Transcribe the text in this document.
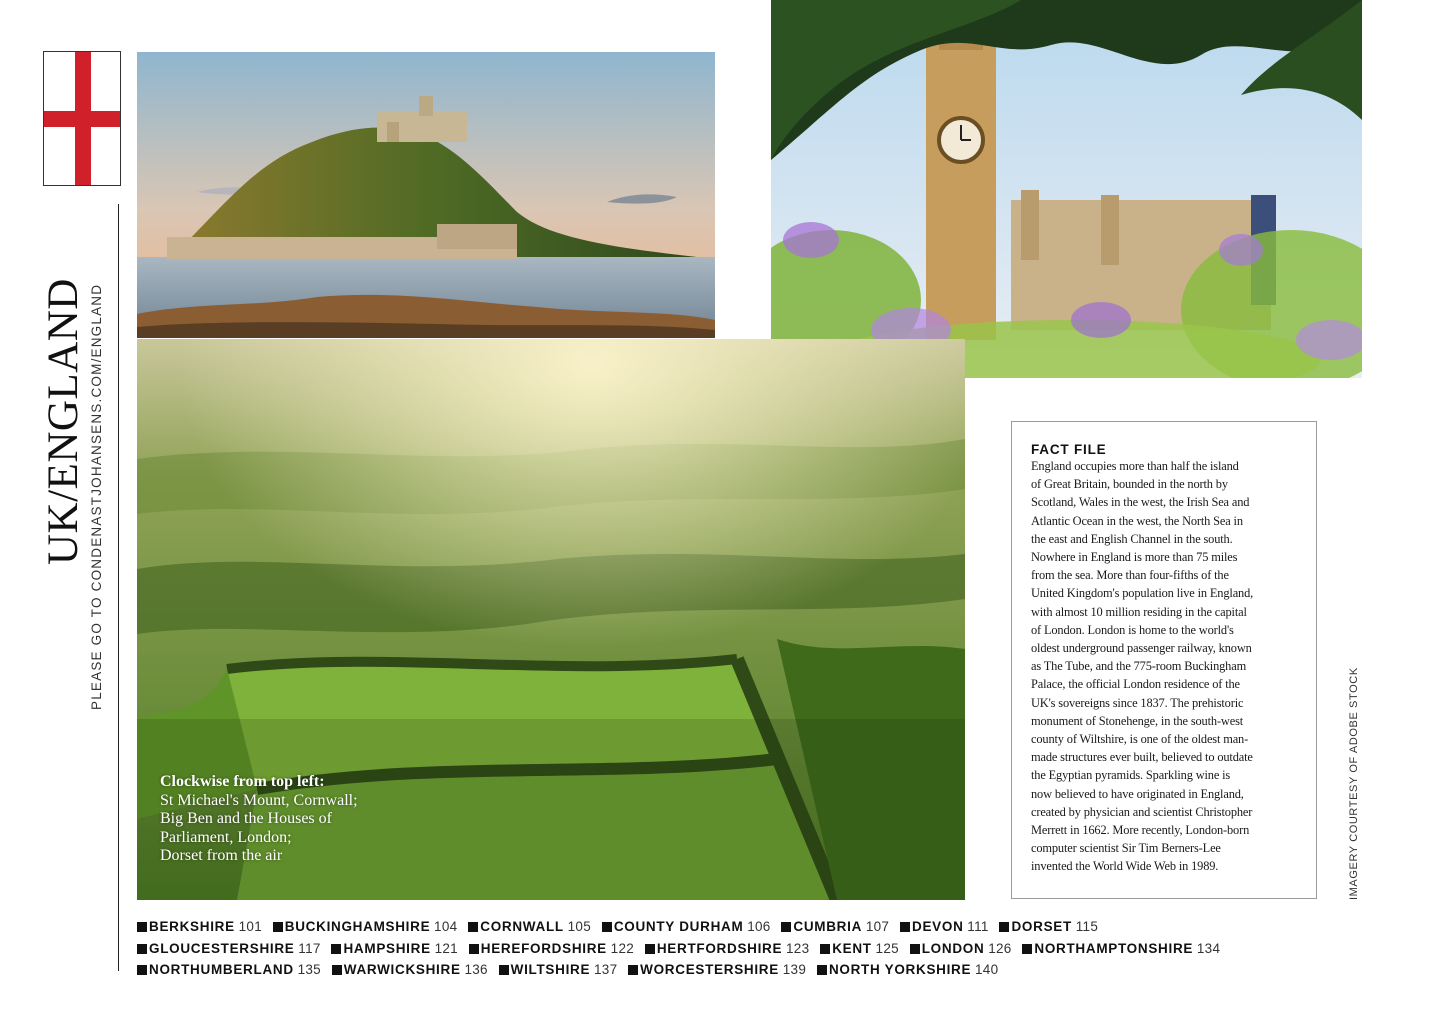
UK/ENGLAND PLEASE GO TO CONDENASTJOHANSENS.COM/ENGLAND
Clockwise from top left:
St Michael's Mount, Cornwall;
Big Ben and the Houses of
Parliament, London;
Dorset from the air
FACT FILE
England occupies more than half the island
of Great Britain, bounded in the north by
Scotland, Wales in the west, the Irish Sea and
Atlantic Ocean in the west, the North Sea in
the east and English Channel in the south.
Nowhere in England is more than 75 miles
from the sea. More than four-fifths of the
United Kingdom's population live in England,
with almost 10 million residing in the capital
of London. London is home to the world's
oldest underground passenger railway, known
as The Tube, and the 775-room Buckingham
Palace, the official London residence of the
UK's sovereigns since 1837. The prehistoric
monument of Stonehenge, in the south-west
county of Wiltshire, is one of the oldest man-
made structures ever built, believed to outdate
the Egyptian pyramids. Sparkling wine is
now believed to have originated in England,
created by physician and scientist Christopher
Merrett in 1662. More recently, London-born
computer scientist Sir Tim Berners-Lee
invented the World Wide Web in 1989.	IMAGERY COURTESY OF ADOBE STOCK
BERKSHIRE 101 BUCKINGHAMSHIRE 104 CORNWALL 105 COUNTY DURHAM 106 CUMBRIA 107 DEVON 111 DORSET 115
GLOUCESTERSHIRE 117 HAMPSHIRE 121 HEREFORDSHIRE 122 HERTFORDSHIRE 123 KENT 125 LONDON 126 NORTHAMPTONSHIRE 134
NORTHUMBERLAND 135 WARWICKSHIRE 136 WILTSHIRE 137 WORCESTERSHIRE 139 NORTH YORKSHIRE 140
